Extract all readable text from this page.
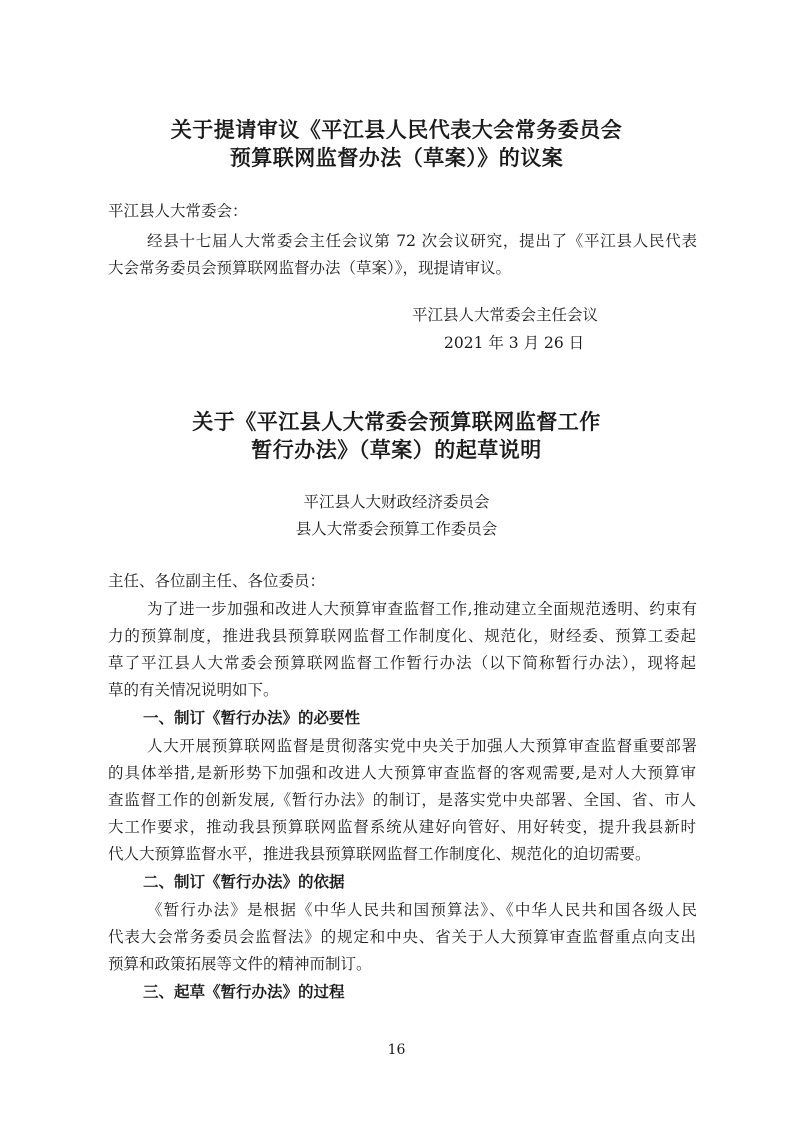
关于提请审议《平江县人民代表大会常务委员会
预算联网监督办法（草案）》的议案
平江县人大常委会：
经县十七届人大常委会主任会议第 72 次会议研究，提出了《平江县人民代表
大会常务委员会预算联网监督办法（草案）》，现提请审议。
平江县人大常委会主任会议
2021 年 3 月 26 日
关于《平江县人大常委会预算联网监督工作
暂行办法》（草案）的起草说明
平江县人大财政经济委员会
县人大常委会预算工作委员会
主任、各位副主任、各位委员：
为了进一步加强和改进人大预算审查监督工作,推动建立全面规范透明、约束有
力的预算制度，推进我县预算联网监督工作制度化、规范化，财经委、预算工委起
草了平江县人大常委会预算联网监督工作暂行办法（以下简称暂行办法），现将起
草的有关情况说明如下。
一、制订《暂行办法》的必要性
人大开展预算联网监督是贯彻落实党中央关于加强人大预算审查监督重要部署
的具体举措,是新形势下加强和改进人大预算审查监督的客观需要,是对人大预算审
查监督工作的创新发展,《暂行办法》的制订，是落实党中央部署、全国、省、市人
大工作要求，推动我县预算联网监督系统从建好向管好、用好转变，提升我县新时
代人大预算监督水平，推进我县预算联网监督工作制度化、规范化的迫切需要。
二、制订《暂行办法》的依据
《暂行办法》是根据《中华人民共和国预算法》、《中华人民共和国各级人民
代表大会常务委员会监督法》的规定和中央、省关于人大预算审查监督重点向支出
预算和政策拓展等文件的精神而制订。
三、起草《暂行办法》的过程
16
